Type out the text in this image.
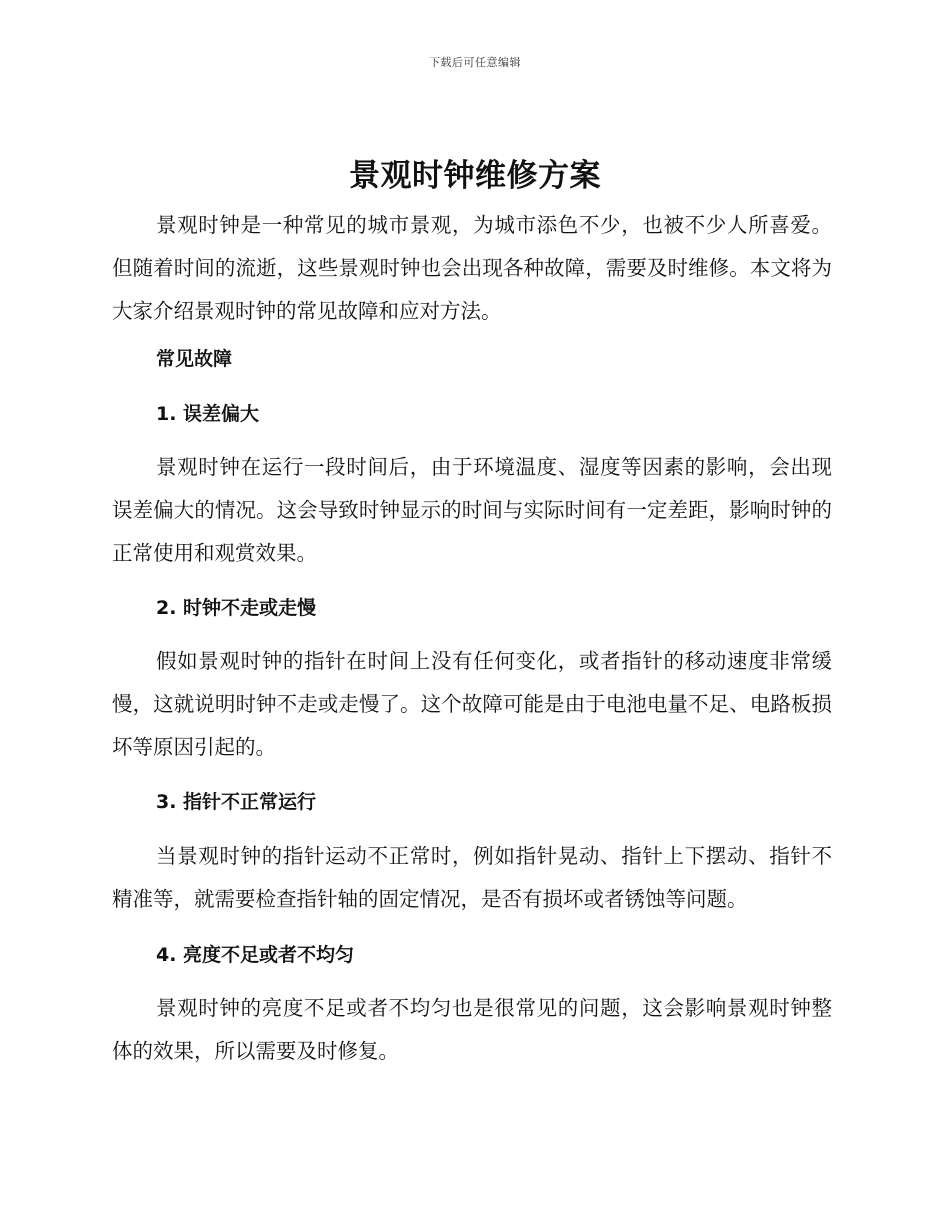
下载后可任意编辑
景观时钟维修方案

景观时钟是一种常见的城市景观，为城市添色不少，也被不少人所喜爱。但随着时间的流逝，这些景观时钟也会出现各种故障，需要及时维修。本文将为大家介绍景观时钟的常见故障和应对方法。

常见故障
1. 误差偏大

景观时钟在运行一段时间后，由于环境温度、湿度等因素的影响，会出现误差偏大的情况。这会导致时钟显示的时间与实际时间有一定差距，影响时钟的正常使用和观赏效果。

2. 时钟不走或走慢

假如景观时钟的指针在时间上没有任何变化，或者指针的移动速度非常缓慢，这就说明时钟不走或走慢了。这个故障可能是由于电池电量不足、电路板损坏等原因引起的。

3. 指针不正常运行

当景观时钟的指针运动不正常时，例如指针晃动、指针上下摆动、指针不精准等，就需要检查指针轴的固定情况，是否有损坏或者锈蚀等问题。

4. 亮度不足或者不均匀

景观时钟的亮度不足或者不均匀也是很常见的问题，这会影响景观时钟整体的效果，所以需要及时修复。
